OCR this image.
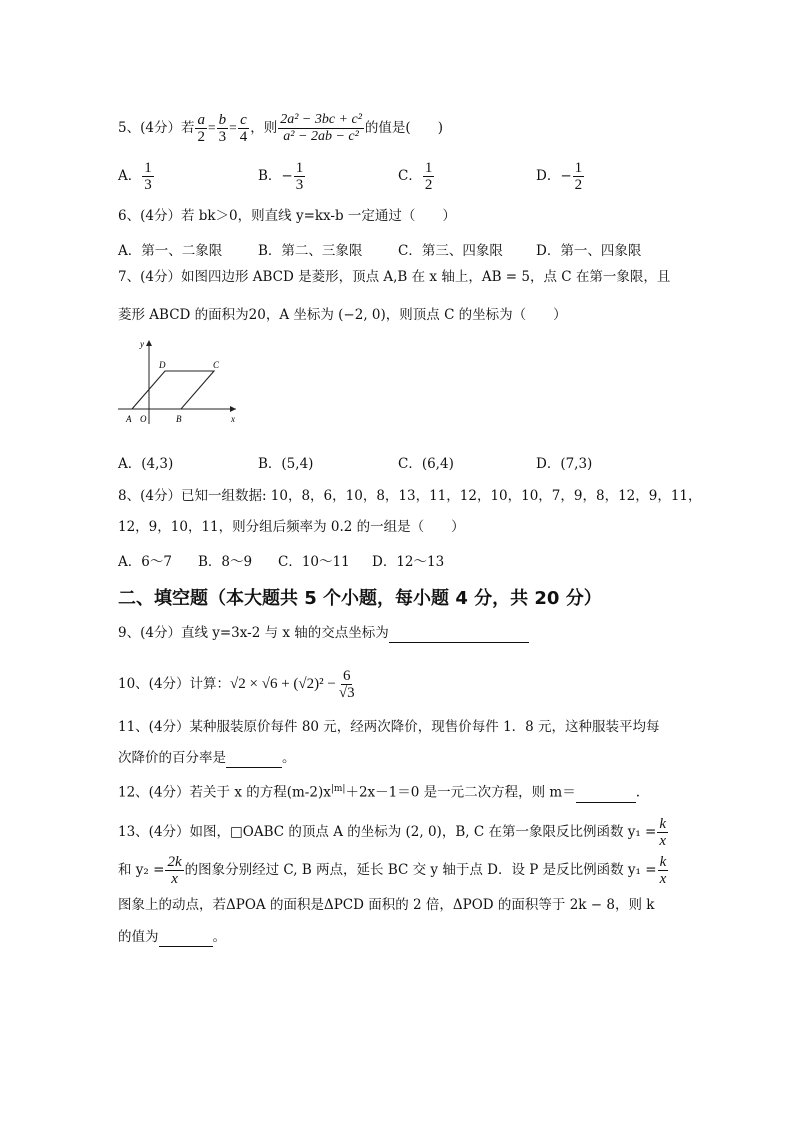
5、(4分）若 $\frac{a}{2} = \frac{b}{3} = \frac{c}{4}$ ，则 $\frac{\text{2a² − 3bc + c²}}{\text{a² − 2ab − c²}}$ 的值是(　　)
A． $\frac{1}{3}$	B．− $\frac{1}{3}$	C． $\frac{1}{2}$	D．− $\frac{1}{2}$
6、(4分）若 bk＞0，则直线 y=kx-b 一定通过（　　）
A．第一、二象限	B．第二、三象限	C．第三、四象限 D．第一、四象限
7、(4分）如图四边形 ABCD 是菱形，顶点 A,B 在 x 轴上，AB = 5，点 C 在第一象限，且
菱形 ABCD 的面积为20，A 坐标为 (−2, 0)，则顶点 C 的坐标为（　　）
y
x
A O	B
C
D
A．(4,3)	B．(5,4)	C．(6,4)	D．(7,3)
8、(4分）已知一组数据: 10，8，6，10，8，13，11，12，10，10，7，9，8，12，9，11，
12，9，10，11，则分组后频率为 0.2 的一组是（　　）
A．6～7 B．8～9 C．10～11 D．12～13
二、填空题（本大题共 5 个小题，每小题 4 分，共 20 分）
9、(4分）直线 y=3x-2 与 x 轴的交点坐标为
10、(4分）计算：$√2 \times √6 + (√2)^2 - \frac{6}{√3}$
11、(4分）某种服装原价每件 80 元，经两次降价，现售价每件 1．8 元，这种服装平均每
次降价的百分率是	。
12、(4分）若关于 x 的方程$(m-2)x^{|m|}+2x-1=0$ 是一元二次方程，则 m＝	.
13、(4分）如图，□OABC 的顶点 A 的坐标为 (2, 0)，B, C 在第一象限反比例函数 $y_1 = \frac{k}{x}$
和 $y_2 = \frac{2k}{x}$ 的图象分别经过 C, B 两点，延长 BC 交 y 轴于点 D．设 P 是反比例函数 $y_1 = \frac{k}{x}$
图象上的动点，若ΔPOA 的面积是ΔPCD 面积的 2 倍，ΔPOD 的面积等于 2k − 8，则 k
的值为	。
